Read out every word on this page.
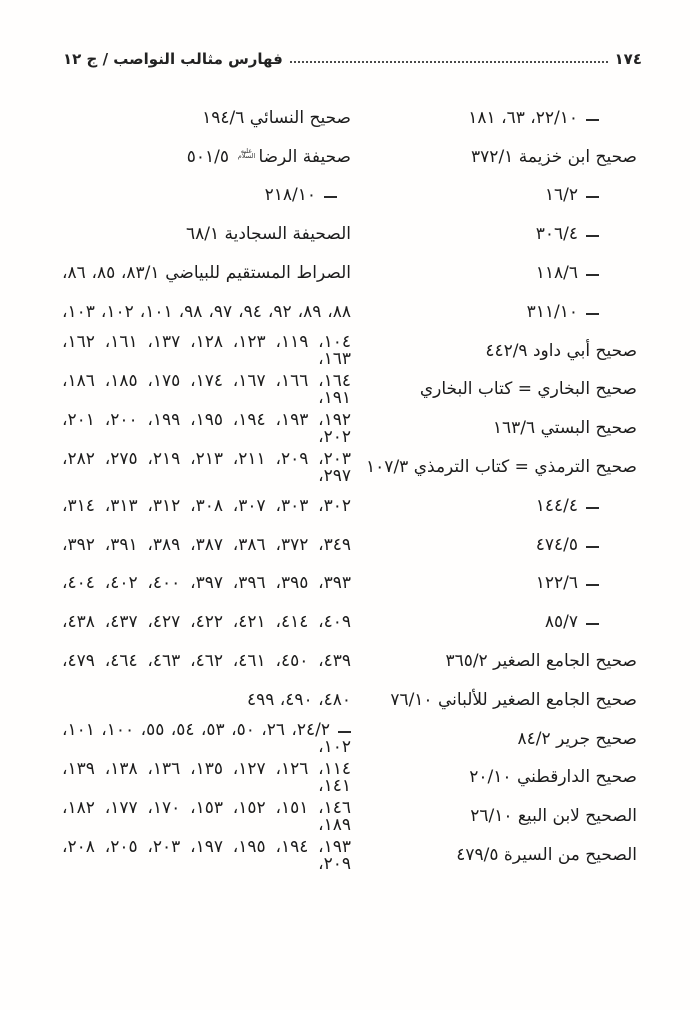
فهارس مثالب النواصب / ج ١٢	١٧٤
٢٢/١٠، ٦٣، ١٨١
صحيح ابن خزيمة ٣٧٢/١
١٦/٢
٣٠٦/٤
١١٨/٦
٣١١/١٠
صحيح أبي داود ٤٤٢/٩
صحيح البخاري = كتاب البخاري
صحيح البستي ١٦٣/٦
صحيح الترمذي = كتاب الترمذي ١٠٧/٣
١٤٤/٤
٤٧٤/٥
١٢٢/٦
٨٥/٧
صحيح الجامع الصغير ٣٦٥/٢
صحيح الجامع الصغير للألباني ٧٦/١٠
صحيح جرير ٨٤/٢
صحيح الدارقطني ٢٠/١٠
الصحيح لابن البيع ٢٦/١٠
الصحيح من السيرة ٤٧٩/٥
صحيح النسائي ١٩٤/٦
صحيفة الرضاعليه السلام ٥٠١/٥
٢١٨/١٠
الصحيفة السجادية ٦٨/١
الصراط المستقيم للبياضي ٨٣/١، ٨٥، ٨٦،
٨٨، ٨٩، ٩٢، ٩٤، ٩٧، ٩٨، ١٠١، ١٠٢، ١٠٣،
١٠٤، ١١٩، ١٢٣، ١٢٨، ١٣٧، ١٦١، ١٦٢، ١٦٣،
١٦٤، ١٦٦، ١٦٧، ١٧٤، ١٧٥، ١٨٥، ١٨٦، ١٩١،
١٩٢، ١٩٣، ١٩٤، ١٩٥، ١٩٩، ٢٠٠، ٢٠١، ٢٠٢،
٢٠٣، ٢٠٩، ٢١١، ٢١٣، ٢١٩، ٢٧٥، ٢٨٢، ٢٩٧،
٣٠٢، ٣٠٣، ٣٠٧، ٣٠٨، ٣١٢، ٣١٣، ٣١٤،
٣٤٩، ٣٧٢، ٣٨٦، ٣٨٧، ٣٨٩، ٣٩١، ٣٩٢،
٣٩٣، ٣٩٥، ٣٩٦، ٣٩٧، ٤٠٠، ٤٠٢، ٤٠٤،
٤٠٩، ٤١٤، ٤٢١، ٤٢٢، ٤٢٧، ٤٣٧، ٤٣٨،
٤٣٩، ٤٥٠، ٤٦١، ٤٦٢، ٤٦٣، ٤٦٤، ٤٧٩،
٤٨٠، ٤٩٠، ٤٩٩
٢٤/٢، ٢٦، ٥٠، ٥٣، ٥٤، ٥٥، ١٠٠، ١٠١، ١٠٢،
١١٤، ١٢٦، ١٢٧، ١٣٥، ١٣٦، ١٣٨، ١٣٩، ١٤١،
١٤٦، ١٥١، ١٥٢، ١٥٣، ١٧٠، ١٧٧، ١٨٢، ١٨٩،
١٩٣، ١٩٤، ١٩٥، ١٩٧، ٢٠٣، ٢٠٥، ٢٠٨، ٢٠٩،
